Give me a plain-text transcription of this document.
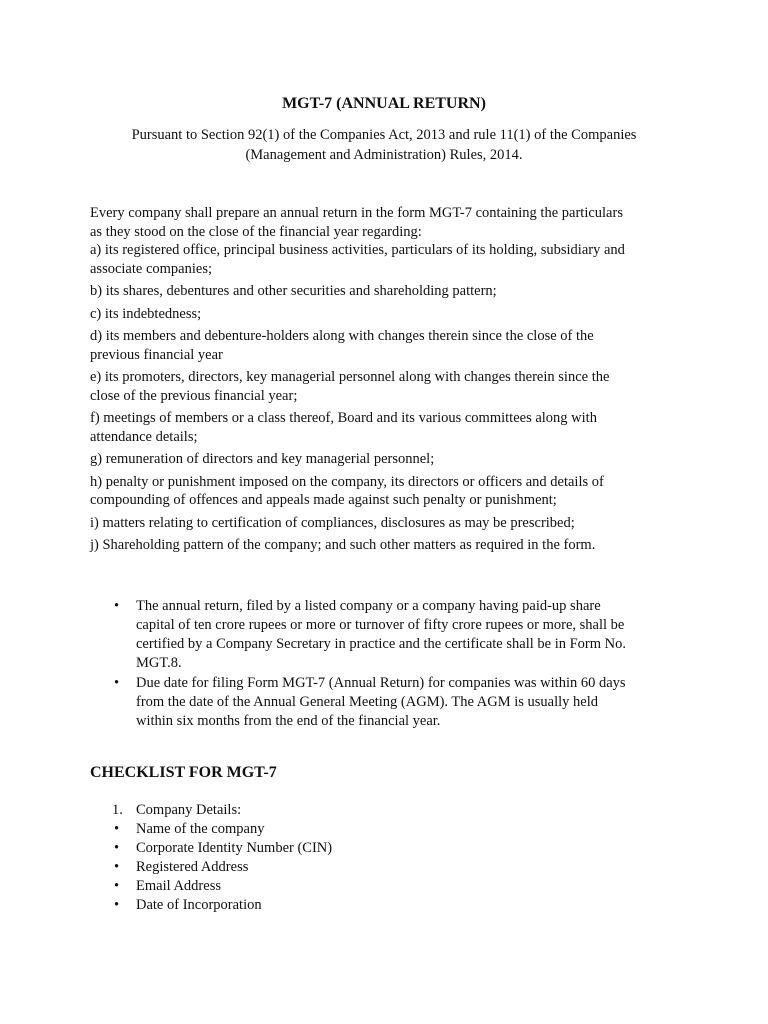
MGT-7 (ANNUAL RETURN)

Pursuant to Section 92(1) of the Companies Act, 2013 and rule 11(1) of the Companies
(Management and Administration) Rules, 2014.

Every company shall prepare an annual return in the form MGT-7 containing the particulars
as they stood on the close of the financial year regarding:
a) its registered office, principal business activities, particulars of its holding, subsidiary and
associate companies;

b) its shares, debentures and other securities and shareholding pattern;

c) its indebtedness;

d) its members and debenture-holders along with changes therein since the close of the
previous financial year

e) its promoters, directors, key managerial personnel along with changes therein since the
close of the previous financial year;

f) meetings of members or a class thereof, Board and its various committees along with
attendance details;

g) remuneration of directors and key managerial personnel;

h) penalty or punishment imposed on the company, its directors or officers and details of
compounding of offences and appeals made against such penalty or punishment;

i) matters relating to certification of compliances, disclosures as may be prescribed;

j) Shareholding pattern of the company; and such other matters as required in the form.

• The annual return, filed by a listed company or a company having paid-up share
capital of ten crore rupees or more or turnover of fifty crore rupees or more, shall be
certified by a Company Secretary in practice and the certificate shall be in Form No.
MGT.8.
• Due date for filing Form MGT-7 (Annual Return) for companies was within 60 days
from the date of the Annual General Meeting (AGM). The AGM is usually held
within six months from the end of the financial year.
CHECKLIST FOR MGT-7
1. Company Details:
• Name of the company
• Corporate Identity Number (CIN)
• Registered Address
• Email Address
• Date of Incorporation
